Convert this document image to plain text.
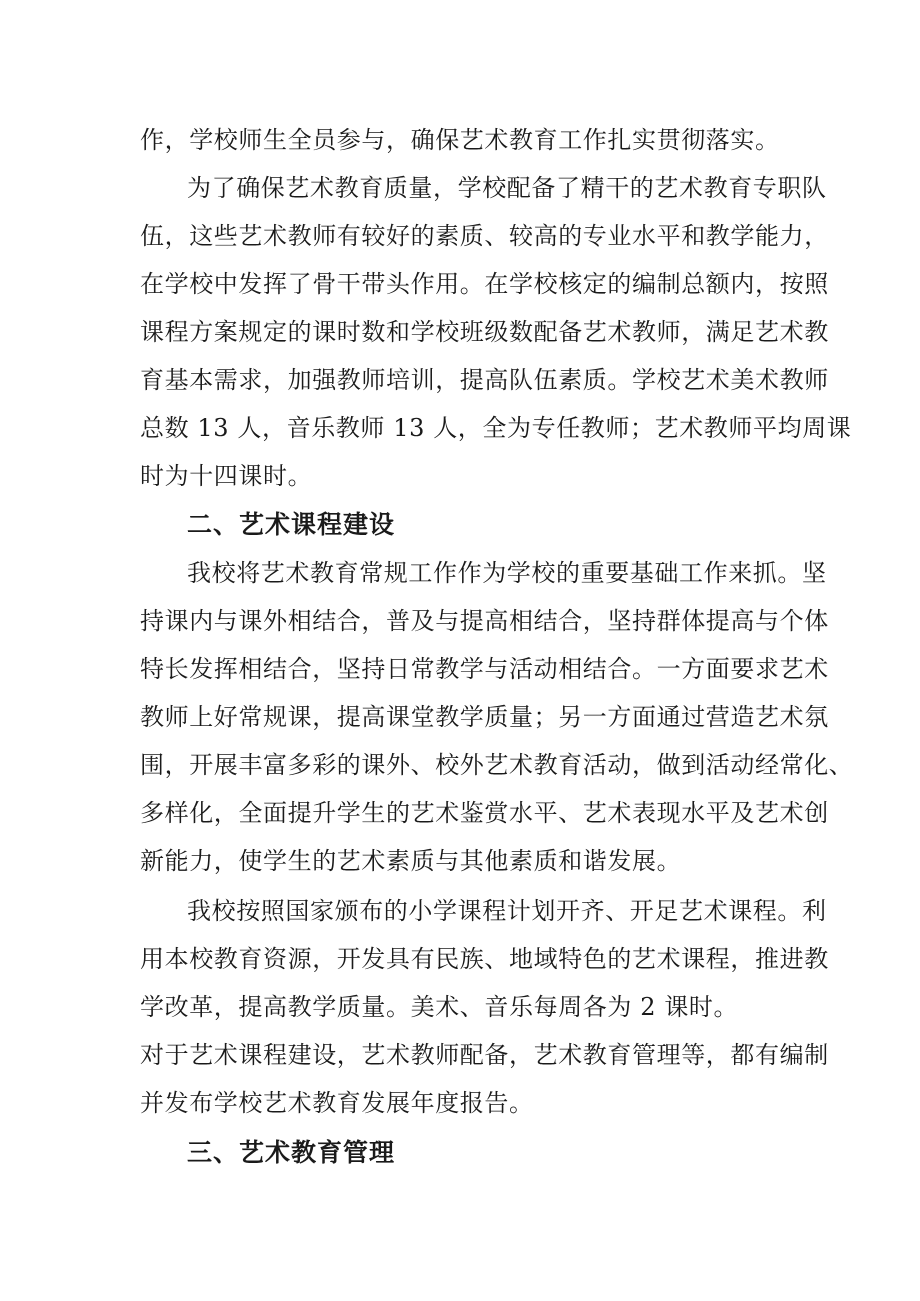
作，学校师生全员参与，确保艺术教育工作扎实贯彻落实。
为了确保艺术教育质量，学校配备了精干的艺术教育专职队
伍，这些艺术教师有较好的素质、较高的专业水平和教学能力，
在学校中发挥了骨干带头作用。在学校核定的编制总额内，按照
课程方案规定的课时数和学校班级数配备艺术教师，满足艺术教
育基本需求，加强教师培训，提高队伍素质。学校艺术美术教师
总数 13 人，音乐教师 13 人，全为专任教师；艺术教师平均周课
时为十四课时。
二、艺术课程建设
我校将艺术教育常规工作作为学校的重要基础工作来抓。坚
持课内与课外相结合，普及与提高相结合，坚持群体提高与个体
特长发挥相结合，坚持日常教学与活动相结合。一方面要求艺术
教师上好常规课，提高课堂教学质量；另一方面通过营造艺术氛
围，开展丰富多彩的课外、校外艺术教育活动，做到活动经常化、
多样化，全面提升学生的艺术鉴赏水平、艺术表现水平及艺术创
新能力，使学生的艺术素质与其他素质和谐发展。
我校按照国家颁布的小学课程计划开齐、开足艺术课程。利
用本校教育资源，开发具有民族、地域特色的艺术课程，推进教
学改革，提高教学质量。美术、音乐每周各为 2 课时。
对于艺术课程建设，艺术教师配备，艺术教育管理等，都有编制
并发布学校艺术教育发展年度报告。
三、艺术教育管理
